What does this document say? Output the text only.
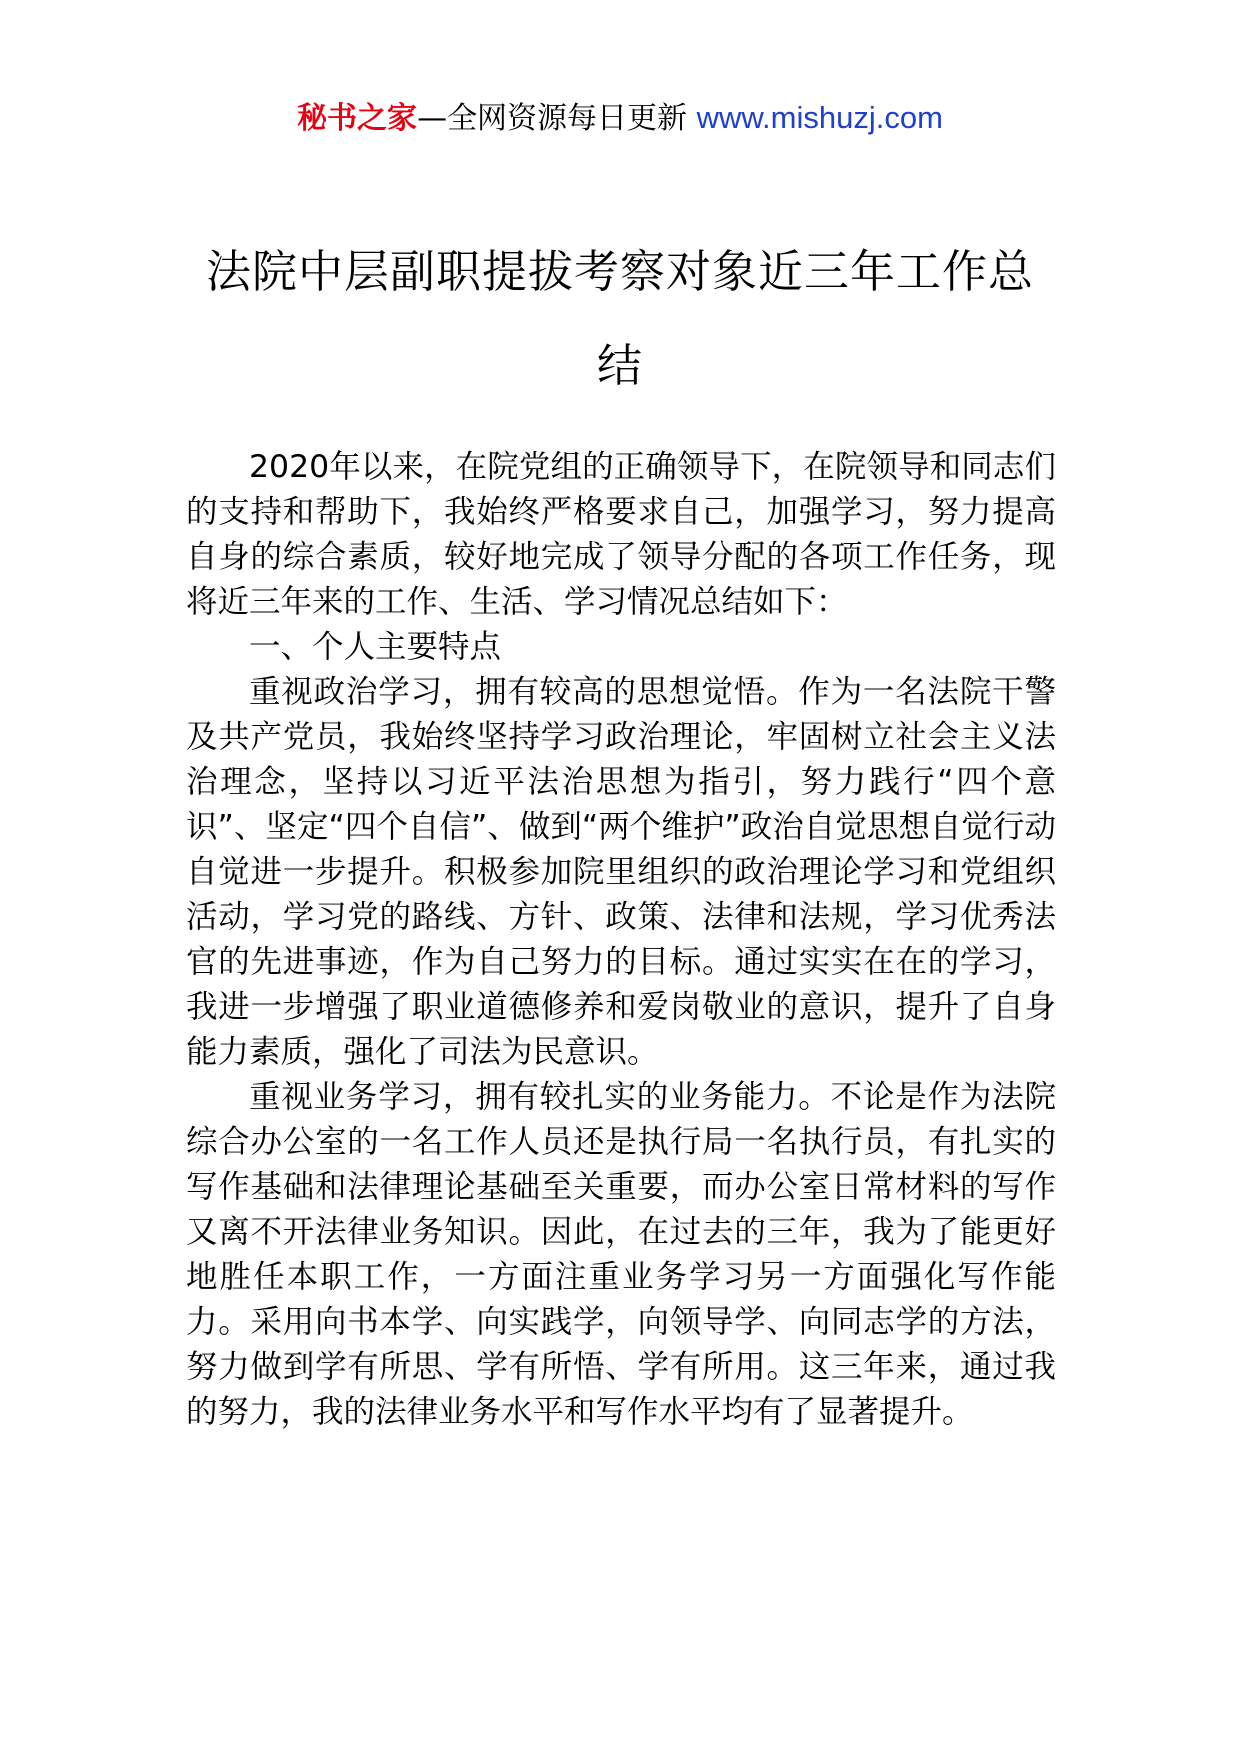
秘书之家—全网资源每日更新 www.mishuzj.com
法院中层副职提拔考察对象近三年工作总结

2020年以来，在院党组的正确领导下，在院领导和同志们的支持和帮助下，我始终严格要求自己，加强学习，努力提高自身的综合素质，较好地完成了领导分配的各项工作任务，现将近三年来的工作、生活、学习情况总结如下：

一、个人主要特点

重视政治学习，拥有较高的思想觉悟。作为一名法院干警及共产党员，我始终坚持学习政治理论，牢固树立社会主义法治理念，坚持以习近平法治思想为指引，努力践行“四个意识”、坚定“四个自信”、做到“两个维护”政治自觉思想自觉行动自觉进一步提升。积极参加院里组织的政治理论学习和党组织活动，学习党的路线、方针、政策、法律和法规，学习优秀法官的先进事迹，作为自己努力的目标。通过实实在在的学习，我进一步增强了职业道德修养和爱岗敬业的意识，提升了自身能力素质，强化了司法为民意识。

重视业务学习，拥有较扎实的业务能力。不论是作为法院综合办公室的一名工作人员还是执行局一名执行员，有扎实的写作基础和法律理论基础至关重要，而办公室日常材料的写作又离不开法律业务知识。因此，在过去的三年，我为了能更好地胜任本职工作，一方面注重业务学习另一方面强化写作能力。采用向书本学、向实践学，向领导学、向同志学的方法，努力做到学有所思、学有所悟、学有所用。这三年来，通过我的努力，我的法律业务水平和写作水平均有了显著提升。
